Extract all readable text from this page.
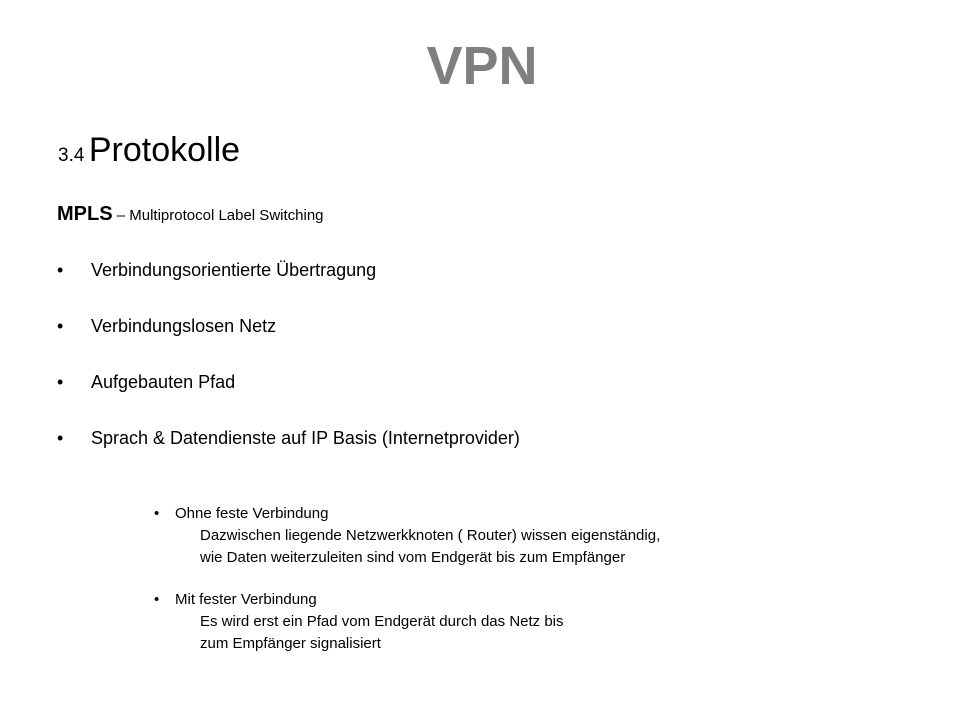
VPN
3.4 Protokolle
MPLS – Multiprotocol Label Switching
•	Verbindungsorientierte Übertragung
•	Verbindungslosen Netz
•	Aufgebauten Pfad
•	Sprach & Datendienste auf IP Basis (Internetprovider)
• Ohne feste Verbindung
Dazwischen liegende Netzwerkknoten ( Router) wissen eigenständig,
wie Daten weiterzuleiten sind vom Endgerät bis zum Empfänger
• Mit fester Verbindung
Es wird erst ein Pfad vom Endgerät durch das Netz bis
zum Empfänger signalisiert
